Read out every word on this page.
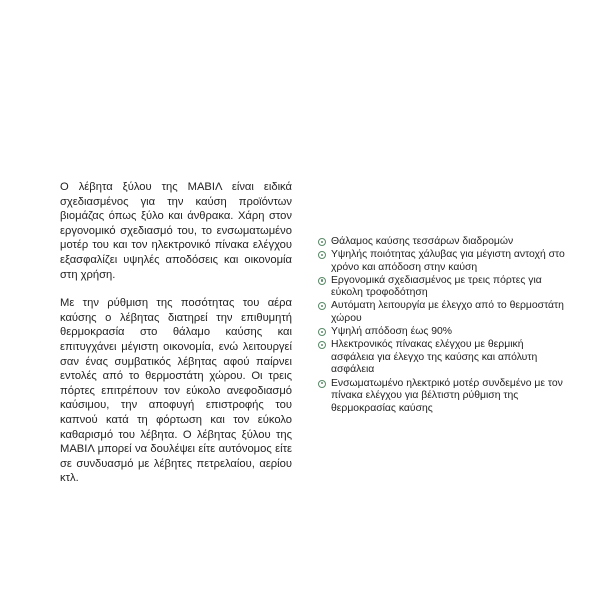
Ο λέβητα ξύλου της ΜΑΒΙΛ είναι ειδικά σχεδιασμένος για την καύση προϊόντων βιομάζας όπως ξύλο και άνθρακα. Χάρη στον εργονομικό σχεδιασμό του, το ενσωματωμένο μοτέρ του και τον ηλεκτρονικό πίνακα ελέγχου εξασφαλίζει υψηλές αποδόσεις και οικονομία στη χρήση.

Με την ρύθμιση της ποσότητας του αέρα καύσης ο λέβητας διατηρεί την επιθυμητή θερμοκρασία στο θάλαμο καύσης και επιτυγχάνει μέγιστη οικονομία, ενώ λειτουργεί σαν ένας συμβατικός λέβητας αφού παίρνει εντολές από το θερμοστάτη χώρου. Οι τρεις πόρτες επιτρέπουν τον εύκολο ανεφοδιασμό καύσιμου, την αποφυγή επιστροφής του καπνού κατά τη φόρτωση και τον εύκολο καθαρισμό του λέβητα. Ο λέβητας ξύλου της ΜΑΒΙΛ μπορεί να δουλέψει είτε αυτόνομος είτε σε συνδυασμό με λέβητες πετρελαίου, αερίου κτλ.

Θάλαμος καύσης τεσσάρων διαδρομών
Υψηλής ποιότητας χάλυβας για μέγιστη αντοχή στο χρόνο και απόδοση στην καύση
Εργονομικά σχεδιασμένος με τρεις πόρτες για εύκολη τροφοδότηση
Αυτόματη λειτουργία με έλεγχο από το θερμοστάτη χώρου
Υψηλή απόδοση έως 90%
Ηλεκτρονικός πίνακας ελέγχου με θερμική ασφάλεια για έλεγχο της καύσης και απόλυτη ασφάλεια
Ενσωματωμένο ηλεκτρικό μοτέρ συνδεμένο με τον πίνακα ελέγχου για βέλτιστη ρύθμιση της θερμοκρασίας καύσης
